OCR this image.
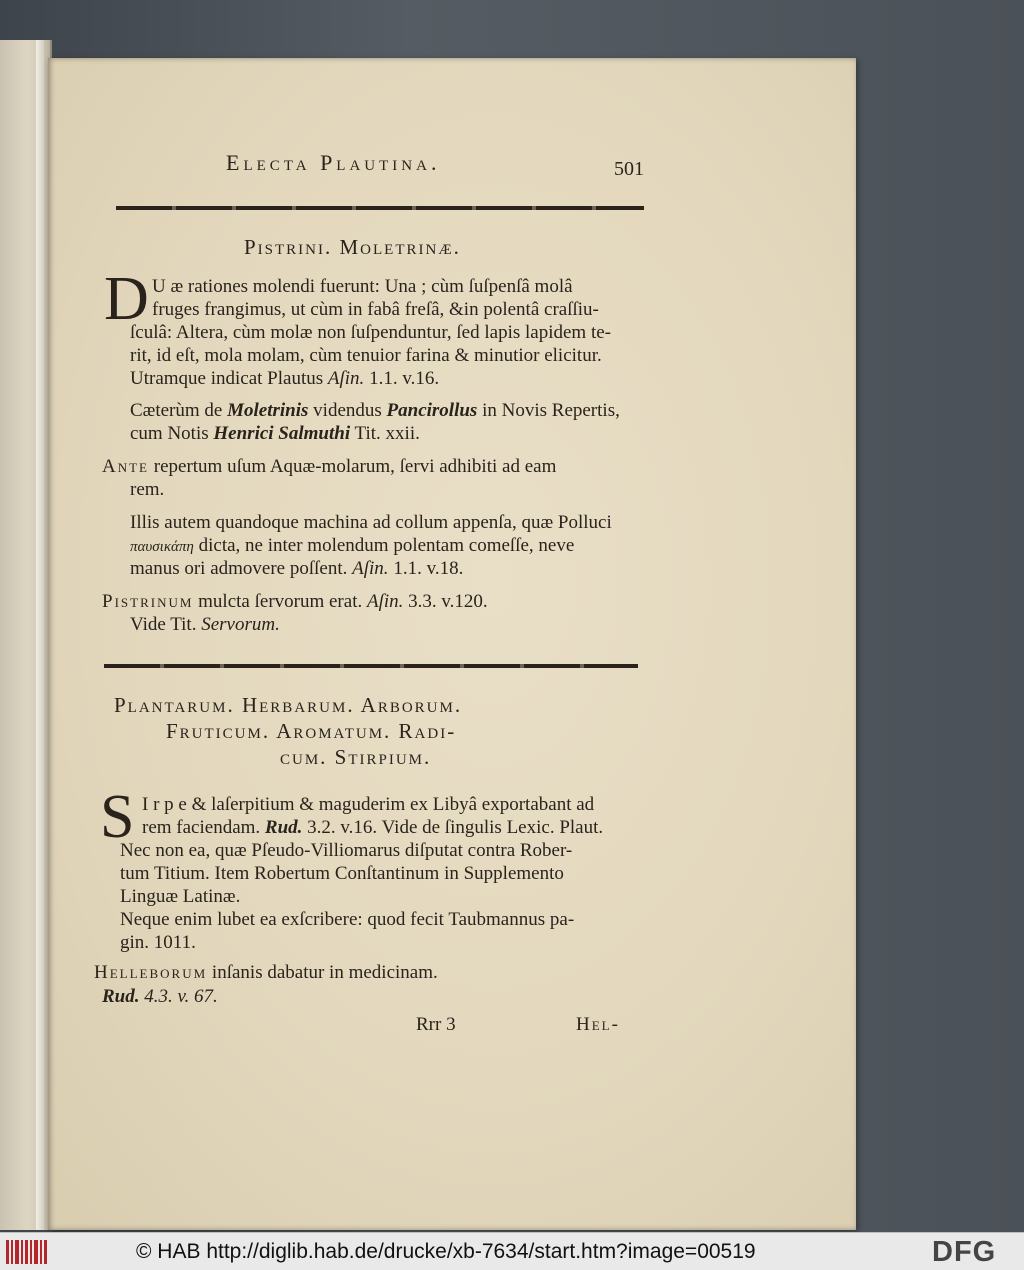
Electa Plautina.	501
Pistrini. Moletrinæ.
D U æ rationes molendi fuerunt: Una ; cùm ſuſpenſâ molâ
fruges frangimus, ut cùm in fabâ freſâ, &in polentâ craſſiu-
ſculâ: Altera, cùm molæ non ſuſpenduntur, ſed lapis lapidem te-
rit, id eſt, mola molam, cùm tenuior farina & minutior elicitur.
Utramque indicat Plautus Aſin. 1.1. v.16.
Cæterùm de Moletrinis videndus Pancirollus in Novis Repertis,
cum Notis Henrici Salmuthi Tit. xxii.
Ante repertum uſum Aquæ-molarum, ſervi adhibiti ad eam
rem.
Illis autem quandoque machina ad collum appenſa, quæ Polluci
παυσικάπη dicta, ne inter molendum polentam comeſſe, neve
manus ori admovere poſſent. Aſin. 1.1. v.18.
Pistrinum mulcta ſervorum erat. Aſin. 3.3. v.120.
Vide Tit. Servorum.
Plantarum. Herbarum. Arborum.
Fruticum. Aromatum. Radi-
cum. Stirpium.
S I r p e & laſerpitium & maguderim ex Libyâ exportabant ad
rem faciendam. Rud. 3.2. v.16. Vide de ſingulis Lexic. Plaut.
Nec non ea, quæ Pſeudo-Villiomarus diſputat contra Rober-
tum Titium. Item Robertum Conſtantinum in Supplemento
Linguæ Latinæ.
Neque enim lubet ea exſcribere: quod fecit Taubmannus pa-
gin. 1011.
Helleborum inſanis dabatur in medicinam.
Rud. 4.3. v. 67.
Rrr 3	Hel-
© HAB http://diglib.hab.de/drucke/xb-7634/start.htm?image=00519	DFG
